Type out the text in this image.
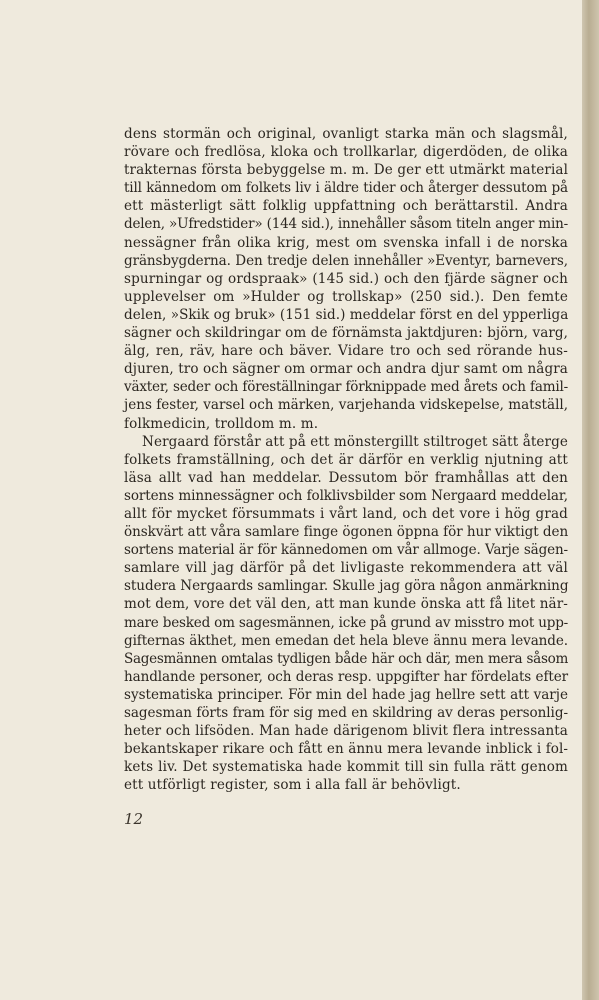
dens stormän och original, ovanligt starka män och slagsmål,
rövare och fredlösa, kloka och trollkarlar, digerdöden, de olika
trakternas första bebyggelse m. m. De ger ett utmärkt material
till kännedom om folkets liv i äldre tider och återger dessutom på
ett mästerligt sätt folklig uppfattning och berättarstil. Andra
delen, »Ufredstider» (144 sid.), innehåller såsom titeln anger min-
nessägner från olika krig, mest om svenska infall i de norska
gränsbygderna. Den tredje delen innehåller »Eventyr, barnevers,
spurningar og ordspraak» (145 sid.) och den fjärde sägner och
upplevelser om »Hulder og trollskap» (250 sid.). Den femte
delen, »Skik og bruk» (151 sid.) meddelar först en del ypperliga
sägner och skildringar om de förnämsta jaktdjuren: björn, varg,
älg, ren, räv, hare och bäver. Vidare tro och sed rörande hus-
djuren, tro och sägner om ormar och andra djur samt om några
växter, seder och föreställningar förknippade med årets och famil-
jens fester, varsel och märken, varjehanda vidskepelse, matställ,
folkmedicin, trolldom m. m.
Nergaard förstår att på ett mönstergillt stiltroget sätt återge
folkets framställning, och det är därför en verklig njutning att
läsa allt vad han meddelar. Dessutom bör framhållas att den
sortens minnessägner och folklivsbilder som Nergaard meddelar,
allt för mycket försummats i vårt land, och det vore i hög grad
önskvärt att våra samlare finge ögonen öppna för hur viktigt den
sortens material är för kännedomen om vår allmoge. Varje sägen-
samlare vill jag därför på det livligaste rekommendera att väl
studera Nergaards samlingar. Skulle jag göra någon anmärkning
mot dem, vore det väl den, att man kunde önska att få litet när-
mare besked om sagesmännen, icke på grund av misstro mot upp-
gifternas äkthet, men emedan det hela bleve ännu mera levande.
Sagesmännen omtalas tydligen både här och där, men mera såsom
handlande personer, och deras resp. uppgifter har fördelats efter
systematiska principer. För min del hade jag hellre sett att varje
sagesman förts fram för sig med en skildring av deras personlig-
heter och lifsöden. Man hade därigenom blivit flera intressanta
bekantskaper rikare och fått en ännu mera levande inblick i fol-
kets liv. Det systematiska hade kommit till sin fulla rätt genom
ett utförligt register, som i alla fall är behövligt.
12
